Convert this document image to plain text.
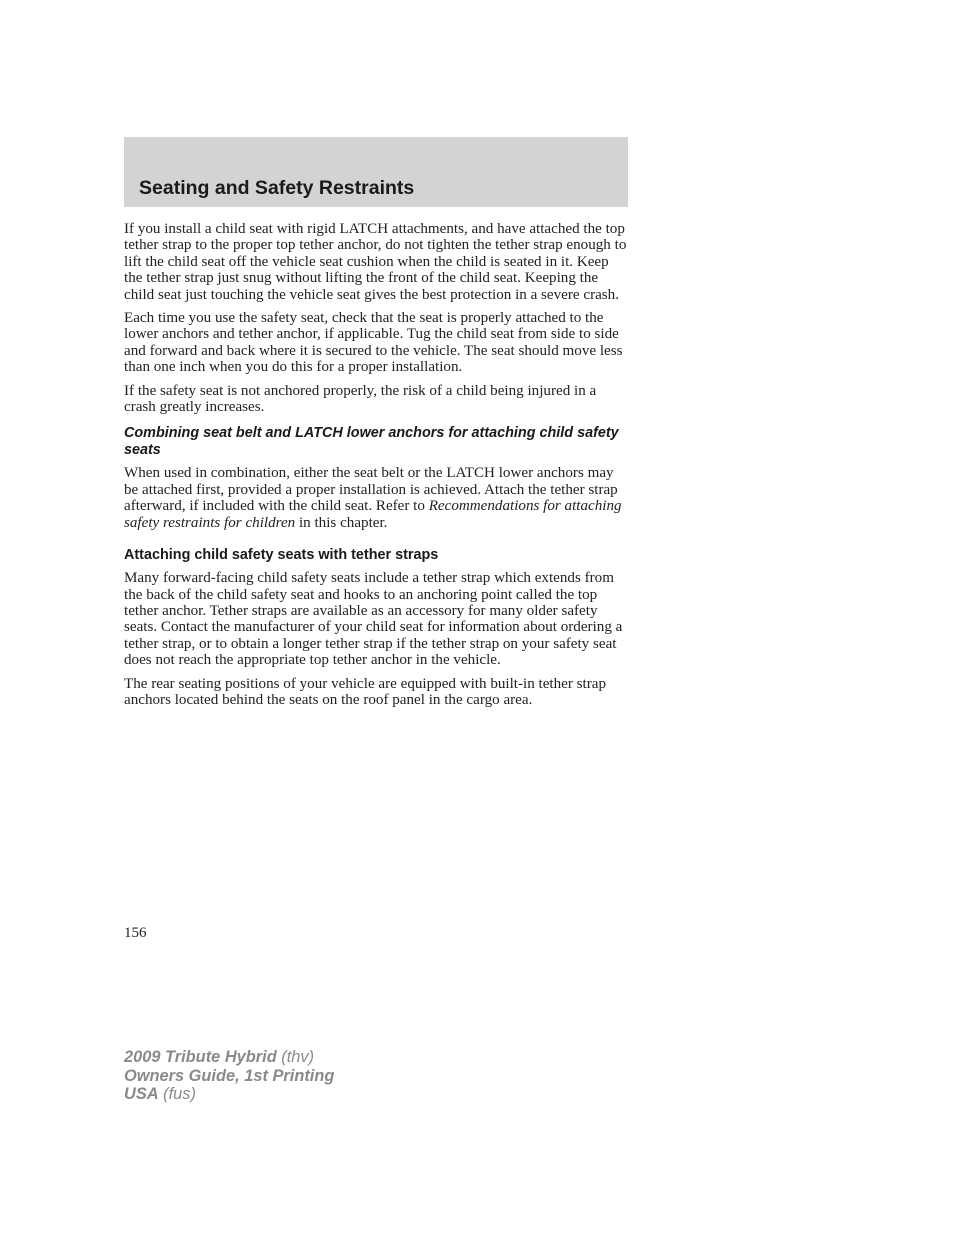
Seating and Safety Restraints

If you install a child seat with rigid LATCH attachments, and have attached the top tether strap to the proper top tether anchor, do not tighten the tether strap enough to lift the child seat off the vehicle seat cushion when the child is seated in it. Keep the tether strap just snug without lifting the front of the child seat. Keeping the child seat just touching the vehicle seat gives the best protection in a severe crash.

Each time you use the safety seat, check that the seat is properly attached to the lower anchors and tether anchor, if applicable. Tug the child seat from side to side and forward and back where it is secured to the vehicle. The seat should move less than one inch when you do this for a proper installation.

If the safety seat is not anchored properly, the risk of a child being injured in a crash greatly increases.

Combining seat belt and LATCH lower anchors for attaching child safety seats

When used in combination, either the seat belt or the LATCH lower anchors may be attached first, provided a proper installation is achieved. Attach the tether strap afterward, if included with the child seat. Refer to Recommendations for attaching safety restraints for children in this chapter.

Attaching child safety seats with tether straps

Many forward-facing child safety seats include a tether strap which extends from the back of the child safety seat and hooks to an anchoring point called the top tether anchor. Tether straps are available as an accessory for many older safety seats. Contact the manufacturer of your child seat for information about ordering a tether strap, or to obtain a longer tether strap if the tether strap on your safety seat does not reach the appropriate top tether anchor in the vehicle.

The rear seating positions of your vehicle are equipped with built-in tether strap anchors located behind the seats on the roof panel in the cargo area.

156
2009 Tribute Hybrid (thv)
Owners Guide, 1st Printing
USA (fus)
